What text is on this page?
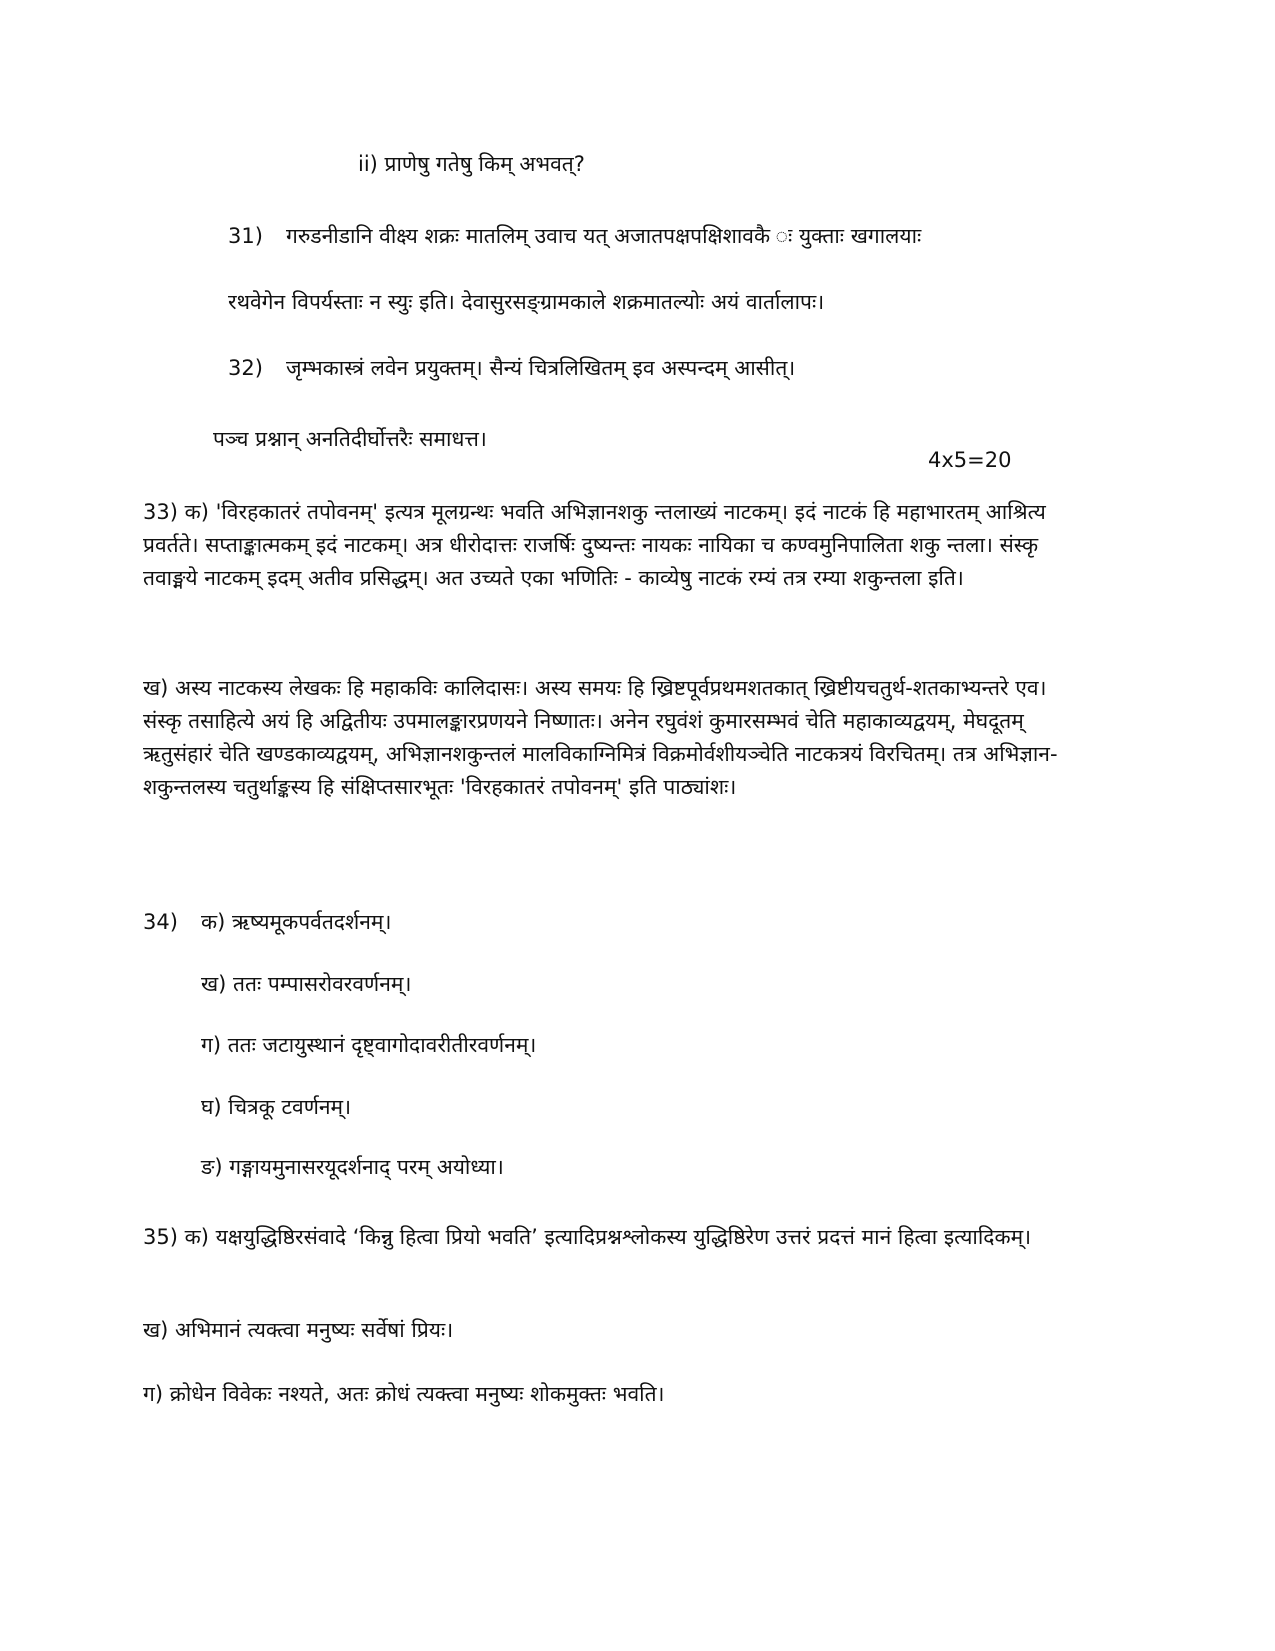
ii) प्राणेषु गतेषु किम् अभवत्?

31) गरुडनीडानि वीक्ष्य शक्रः मातलिम् उवाच यत् अजातपक्षपक्षिशावकै ः युक्ताः खगालयाः

रथवेगेन विपर्यस्ताः न स्युः इति। देवासुरसङ्ग्रामकाले शक्रमातल्योः अयं वार्तालापः।

32) जृम्भकास्त्रं लवेन प्रयुक्तम्। सैन्यं चित्रलिखितम् इव अस्पन्दम् आसीत्।

पञ्च प्रश्नान् अनतिदीर्घोत्तरैः समाधत्त।

4x5=20

33) क) 'विरहकातरं तपोवनम्' इत्यत्र मूलग्रन्थः भवति अभिज्ञानशकु न्तलाख्यं नाटकम्। इदं नाटकं हि महाभारतम् आश्रित्य प्रवर्तते। सप्ताङ्कात्मकम् इदं नाटकम्। अत्र धीरोदात्तः राजर्षिः दुष्यन्तः नायकः नायिका च कण्वमुनिपालिता शकु न्तला। संस्कृ तवाङ्मये नाटकम् इदम् अतीव प्रसिद्धम्। अत उच्यते एका भणितिः - काव्येषु नाटकं रम्यं तत्र रम्या शकुन्तला इति।

ख) अस्य नाटकस्य लेखकः हि महाकविः कालिदासः। अस्य समयः हि ख्रिष्टपूर्वप्रथमशतकात् ख्रिष्टीयचतुर्थ-शतकाभ्यन्तरे एव। संस्कृ तसाहित्ये अयं हि अद्वितीयः उपमालङ्कारप्रणयने निष्णातः। अनेन रघुवंशं कुमारसम्भवं चेति महाकाव्यद्वयम्, मेघदूतम् ऋतुसंहारं चेति खण्डकाव्यद्वयम्, अभिज्ञानशकुन्तलं मालविकाग्निमित्रं विक्रमोर्वशीयञ्चेति नाटकत्रयं विरचितम्। तत्र अभिज्ञान-शकुन्तलस्य चतुर्थाङ्कस्य हि संक्षिप्तसारभूतः 'विरहकातरं तपोवनम्' इति पाठ्यांशः।

34) क) ऋष्यमूकपर्वतदर्शनम्।

ख) ततः पम्पासरोवरवर्णनम्।

ग) ततः जटायुस्थानं दृष्ट्वागोदावरीतीरवर्णनम्।

घ) चित्रकू टवर्णनम्।

ङ) गङ्गायमुनासरयूदर्शनाद् परम् अयोध्या।

35) क) यक्षयुद्धिष्ठिरसंवादे ‘किन्नु हित्वा प्रियो भवति’ इत्यादिप्रश्नश्लोकस्य युद्धिष्ठिरेण उत्तरं प्रदत्तं मानं हित्वा इत्यादिकम्।

ख) अभिमानं त्यक्त्वा मनुष्यः सर्वेषां प्रियः।

ग) क्रोधेन विवेकः नश्यते, अतः क्रोधं त्यक्त्वा मनुष्यः शोकमुक्तः भवति।
